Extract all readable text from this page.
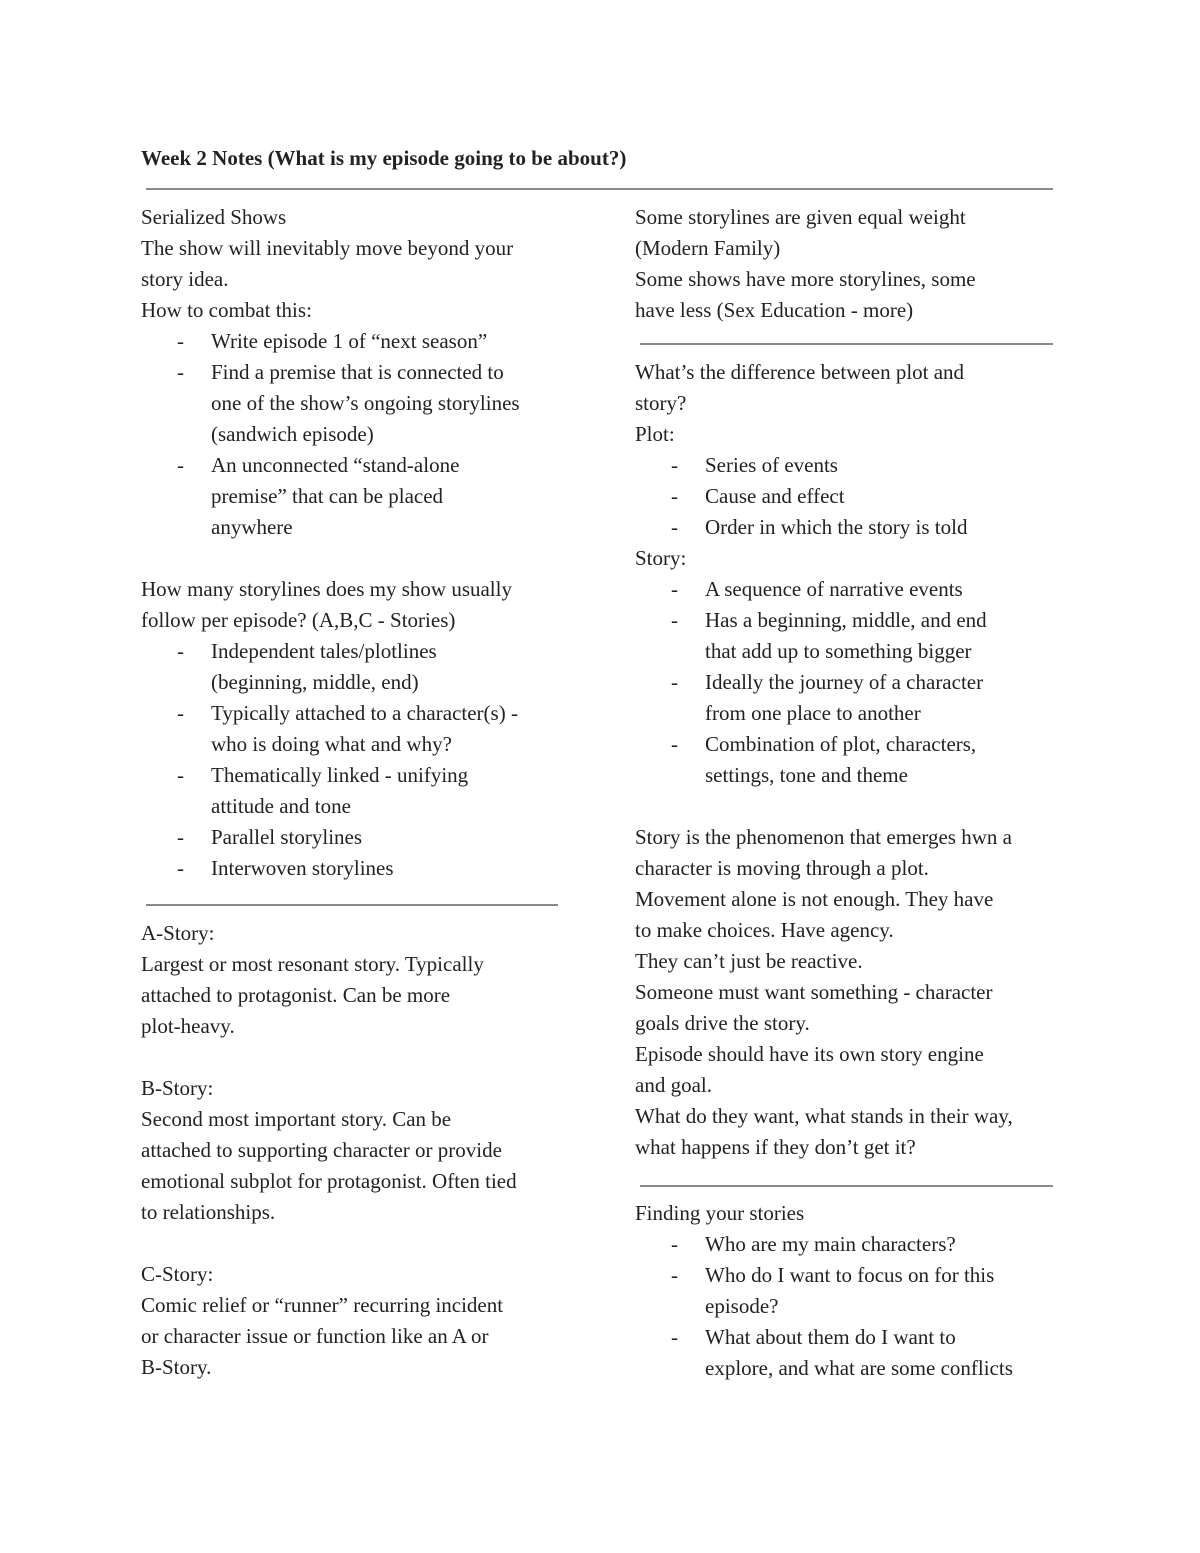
Week 2 Notes (What is my episode going to be about?)
Serialized Shows
The show will inevitably move beyond your
story idea.
How to combat this:
- Write episode 1 of “next season”
- Find a premise that is connected to
one of the show’s ongoing storylines
(sandwich episode)
- An unconnected “stand-alone
premise” that can be placed
anywhere
How many storylines does my show usually
follow per episode? (A,B,C - Stories)
- Independent tales/plotlines
(beginning, middle, end)
- Typically attached to a character(s) -
who is doing what and why?
- Thematically linked - unifying
attitude and tone
- Parallel storylines
- Interwoven storylines
A-Story:
Largest or most resonant story. Typically
attached to protagonist. Can be more
plot-heavy.
B-Story:
Second most important story. Can be
attached to supporting character or provide
emotional subplot for protagonist. Often tied
to relationships.
C-Story:
Comic relief or “runner” recurring incident
or character issue or function like an A or
B-Story.
Some storylines are given equal weight
(Modern Family)
Some shows have more storylines, some
have less (Sex Education - more)
What’s the difference between plot and
story?
Plot:
- Series of events
- Cause and effect
- Order in which the story is told
Story:
- A sequence of narrative events
- Has a beginning, middle, and end
that add up to something bigger
- Ideally the journey of a character
from one place to another
- Combination of plot, characters,
settings, tone and theme
Story is the phenomenon that emerges hwn a
character is moving through a plot.
Movement alone is not enough. They have
to make choices. Have agency.
They can’t just be reactive.
Someone must want something - character
goals drive the story.
Episode should have its own story engine
and goal.
What do they want, what stands in their way,
what happens if they don’t get it?
Finding your stories
- Who are my main characters?
- Who do I want to focus on for this
episode?
- What about them do I want to
explore, and what are some conflicts
